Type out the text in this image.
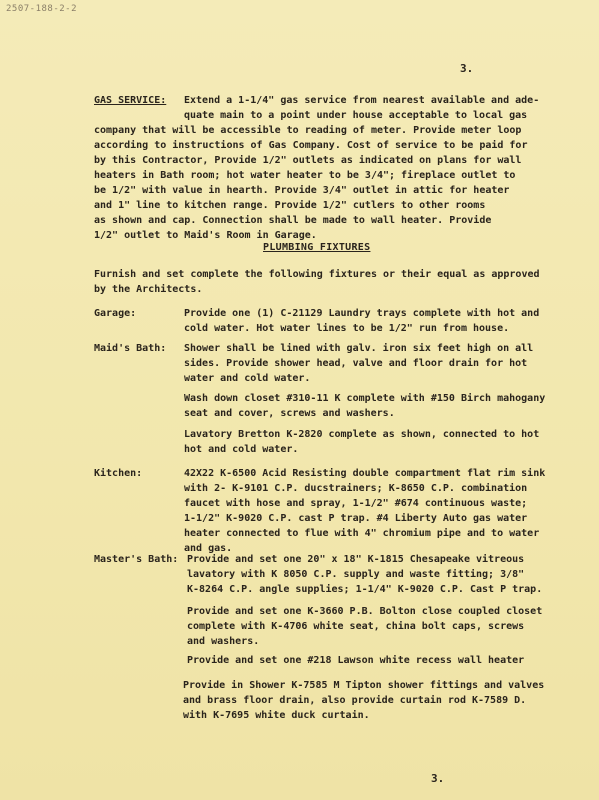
2507-188-2-2
3.
GAS SERVICE: Extend a 1-1/4" gas service from nearest available and ade-
quate main to a point under house acceptable to local gas
company that will be accessible to reading of meter. Provide meter loop
according to instructions of Gas Company. Cost of service to be paid for
by this Contractor, Provide 1/2" outlets as indicated on plans for wall
heaters in Bath room; hot water heater to be 3/4"; fireplace outlet to
be 1/2" with value in hearth. Provide 3/4" outlet in attic for heater
and 1" line to kitchen range. Provide 1/2" cutlers to other rooms
as shown and cap. Connection shall be made to wall heater. Provide
1/2" outlet to Maid's Room in Garage.
PLUMBING FIXTURES
Furnish and set complete the following fixtures or their equal as approved
by the Architects.
Garage:	Provide one (1) C-21129 Laundry trays complete with hot and
cold water. Hot water lines to be 1/2" run from house.
Maid's Bath: Shower shall be lined with galv. iron six feet high on all
sides. Provide shower head, valve and floor drain for hot
water and cold water.
Wash down closet #310-11 K complete with #150 Birch mahogany
seat and cover, screws and washers.
Lavatory Bretton K-2820 complete as shown, connected to hot
hot and cold water.
Kitchen:	42X22 K-6500 Acid Resisting double compartment flat rim sink
with 2- K-9101 C.P. ducstrainers; K-8650 C.P. combination
faucet with hose and spray, 1-1/2" #674 continuous waste;
1-1/2" K-9020 C.P. cast P trap. #4 Liberty Auto gas water
heater connected to flue with 4" chromium pipe and to water
and gas.
Master's Bath: Provide and set one 20" x 18" K-1815 Chesapeake vitreous
lavatory with K 8050 C.P. supply and waste fitting; 3/8"
K-8264 C.P. angle supplies; 1-1/4" K-9020 C.P. Cast P trap.
Provide and set one K-3660 P.B. Bolton close coupled closet
complete with K-4706 white seat, china bolt caps, screws
and washers.
Provide and set one #218 Lawson white recess wall heater
Provide in Shower K-7585 M Tipton shower fittings and valves
and brass floor drain, also provide curtain rod K-7589 D.
with K-7695 white duck curtain.
3.
